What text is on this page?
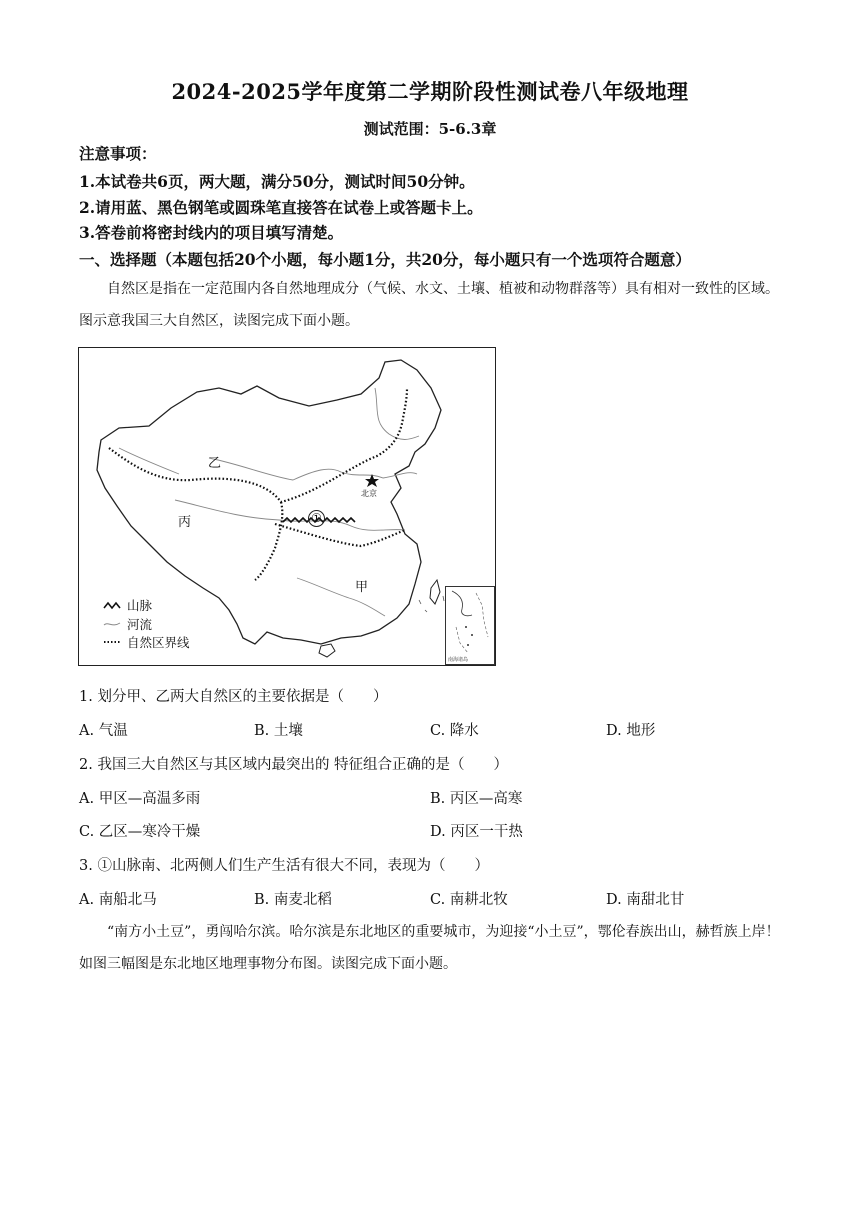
2024-2025学年度第二学期阶段性测试卷八年级地理
测试范围：5-6.3章
注意事项：
1.本试卷共6页，两大题，满分50分，测试时间50分钟。
2.请用蓝、黑色钢笔或圆珠笔直接答在试卷上或答题卡上。
3.答卷前将密封线内的项目填写清楚。
一、选择题（本题包括20个小题，每小题1分，共20分，每小题只有一个选项符合题意）
自然区是指在一定范围内各自然地理成分（气候、水文、土壤、植被和动物群落等）具有相对一致性的区域。图示意我国三大自然区，读图完成下面小题。
乙
丙
甲
①
北京
南海诸岛
山脉
河流
自然区界线
1. 划分甲、乙两大自然区的主要依据是（　　）
A. 气温	B. 土壤	C. 降水	D. 地形
2. 我国三大自然区与其区域内最突出的 特征组合正确的是（　　）
A. 甲区—高温多雨	B. 丙区—高寒
C. 乙区—寒冷干燥	D. 丙区一干热
3. ①山脉南、北两侧人们生产生活有很大不同，表现为（　　）
A. 南船北马	B. 南麦北稻	C. 南耕北牧	D. 南甜北甘
“南方小土豆”，勇闯哈尔滨。哈尔滨是东北地区的重要城市，为迎接“小土豆”，鄂伦春族出山，赫哲族上岸！如图三幅图是东北地区地理事物分布图。读图完成下面小题。
